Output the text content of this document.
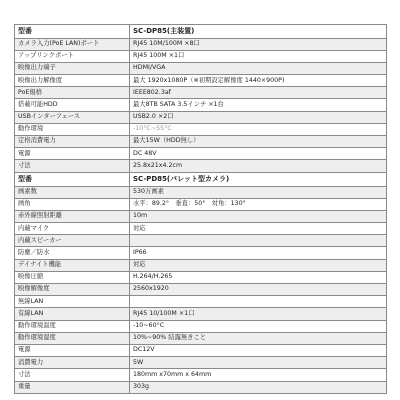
型番	SC-DP85(主装置)
カメラ入力(PoE LAN)ポート	RJ45 10M/100M ×8口
アップリンクポート	RJ45 100M ×1口
映像出力端子	HDMI/VGA
映像出力解像度	最大 1920x1080P（※初期設定解像度 1440×900P)
PoE規格	IEEE802.3af
搭載可能HDD	最大8TB SATA 3.5インチ ×1台
USBインターフェース	USB2.0 ×2口
動作環境	-10°C~55°C
定格消費電力	最大15W（HDD無し）
電源	DC 48V
寸法	25.8x21x4.2cm
型番	SC-PD85(バレット型カメラ)
画素数	530万画素
画角	水平：89.2°　垂直：50°　対角：130°
赤外線照射距離	10m
内蔵マイク	対応
内蔵スピーカー	
防塵／防水	IP66
デイナイト機能	対応
映像圧縮	H.264/H.265
映像解像度	2560x1920
無線LAN	
有線LAN	RJ45 10/100M ×1口
動作環境温度	-10~60°C
動作環境湿度	10%~90% 結露無きこと
電源	DC12V
消費電力	5W
寸法	180mm x70mm x 64mm
重量	303g
